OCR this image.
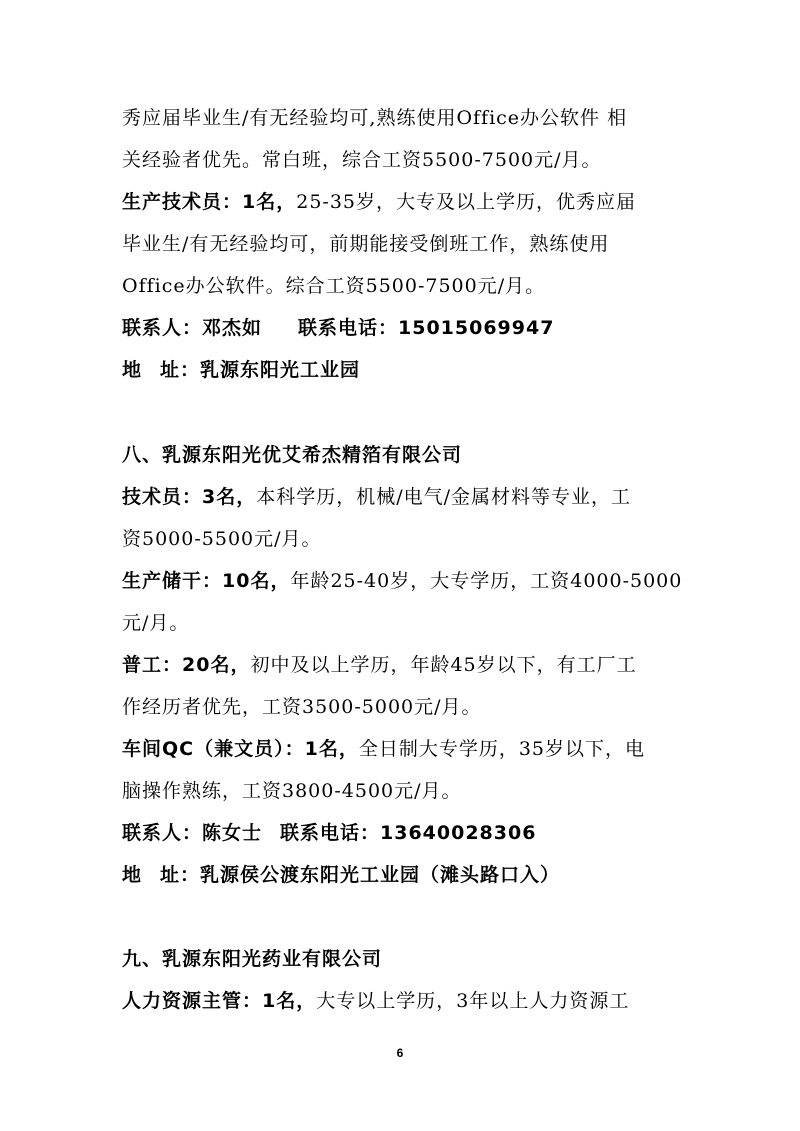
秀应届毕业生/有无经验均可,熟练使用Office办公软件 相
关经验者优先。常白班，综合工资5500-7500元/月。
生产技术员：1名，25-35岁，大专及以上学历，优秀应届
毕业生/有无经验均可，前期能接受倒班工作，熟练使用
Office办公软件。综合工资5500-7500元/月。
联系人：邓杰如 联系电话：15015069947
地 址：乳源东阳光工业园
八、乳源东阳光优艾希杰精箔有限公司
技术员：3名，本科学历，机械/电气/金属材料等专业，工
资5000-5500元/月。
生产储干：10名，年龄25-40岁，大专学历，工资4000-5000
元/月。
普工：20名，初中及以上学历，年龄45岁以下，有工厂工
作经历者优先，工资3500-5000元/月。
车间QC（兼文员）：1名，全日制大专学历，35岁以下，电
脑操作熟练，工资3800-4500元/月。
联系人：陈女士 联系电话：13640028306
地 址：乳源侯公渡东阳光工业园（滩头路口入）
九、乳源东阳光药业有限公司
人力资源主管：1名，大专以上学历，3年以上人力资源工
6
